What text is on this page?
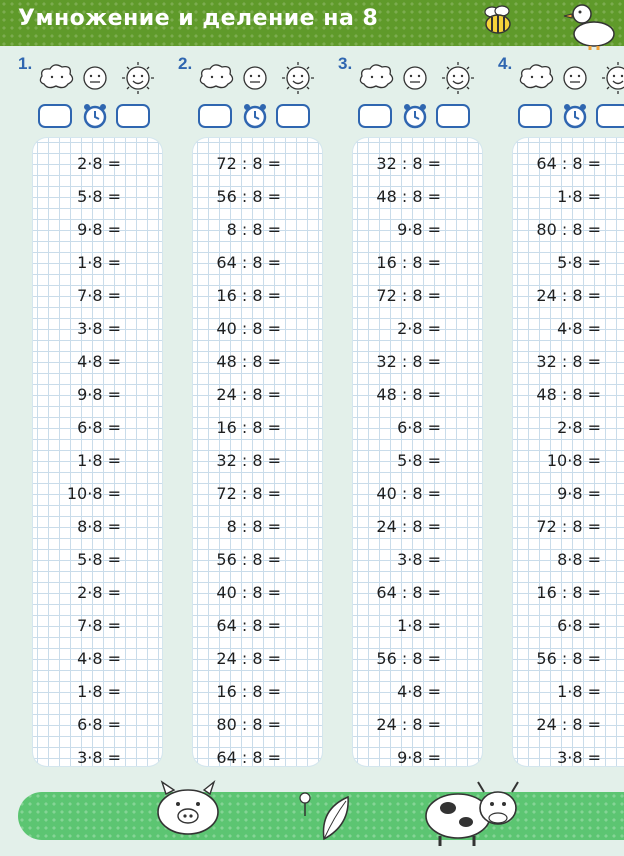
Умножение и деление на 8
1.
2·8 =
5·8 =
9·8 =
1·8 =
7·8 =
3·8 =
4·8 =
9·8 =
6·8 =
1·8 =
10·8 =
8·8 =
5·8 =
2·8 =
7·8 =
4·8 =
1·8 =
6·8 =
3·8 =
2.
72 : 8 =
56 : 8 =
8 : 8 =
64 : 8 =
16 : 8 =
40 : 8 =
48 : 8 =
24 : 8 =
16 : 8 =
32 : 8 =
72 : 8 =
8 : 8 =
56 : 8 =
40 : 8 =
64 : 8 =
24 : 8 =
16 : 8 =
80 : 8 =
64 : 8 =
3.
32 : 8 =
48 : 8 =
9·8 =
16 : 8 =
72 : 8 =
2·8 =
32 : 8 =
48 : 8 =
6·8 =
5·8 =
40 : 8 =
24 : 8 =
3·8 =
64 : 8 =
1·8 =
56 : 8 =
4·8 =
24 : 8 =
9·8 =
4.
64 : 8 =
1·8 =
80 : 8 =
5·8 =
24 : 8 =
4·8 =
32 : 8 =
48 : 8 =
2·8 =
10·8 =
9·8 =
72 : 8 =
8·8 =
16 : 8 =
6·8 =
56 : 8 =
1·8 =
24 : 8 =
3·8 =
